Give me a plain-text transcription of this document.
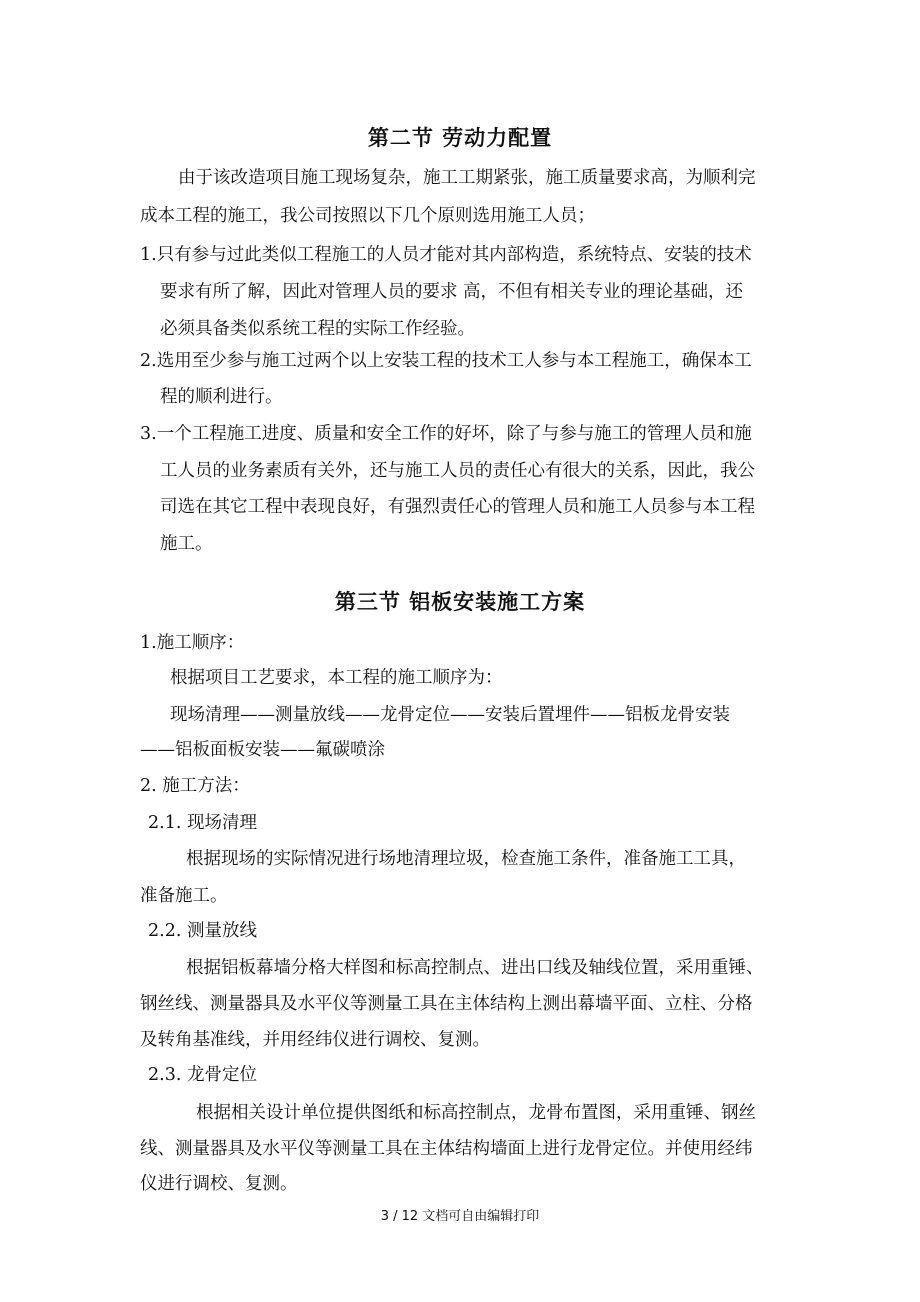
第二节 劳动力配置
由于该改造项目施工现场复杂，施工工期紧张，施工质量要求高，为顺利完
成本工程的施工，我公司按照以下几个原则选用施工人员；
1.只有参与过此类似工程施工的人员才能对其内部构造，系统特点、安装的技术
要求有所了解，因此对管理人员的要求 高，不但有相关专业的理论基础，还
必须具备类似系统工程的实际工作经验。
2.选用至少参与施工过两个以上安装工程的技术工人参与本工程施工，确保本工
程的顺利进行。
3.一个工程施工进度、质量和安全工作的好坏，除了与参与施工的管理人员和施
工人员的业务素质有关外，还与施工人员的责任心有很大的关系，因此，我公
司选在其它工程中表现良好，有强烈责任心的管理人员和施工人员参与本工程
施工。
第三节 铝板安装施工方案
1.施工顺序：
根据项目工艺要求，本工程的施工顺序为：
现场清理——测量放线——龙骨定位——安装后置埋件——铝板龙骨安装
——铝板面板安装——氟碳喷涂
2. 施工方法：
2.1. 现场清理
根据现场的实际情况进行场地清理垃圾，检查施工条件，准备施工工具，
准备施工。
2.2. 测量放线
根据铝板幕墙分格大样图和标高控制点、进出口线及轴线位置，采用重锤、
钢丝线、测量器具及水平仪等测量工具在主体结构上测出幕墙平面、立柱、分格
及转角基准线，并用经纬仪进行调校、复测。
2.3. 龙骨定位
根据相关设计单位提供图纸和标高控制点，龙骨布置图，采用重锤、钢丝
线、测量器具及水平仪等测量工具在主体结构墙面上进行龙骨定位。并使用经纬
仪进行调校、复测。
3 / 12 文档可自由编辑打印
